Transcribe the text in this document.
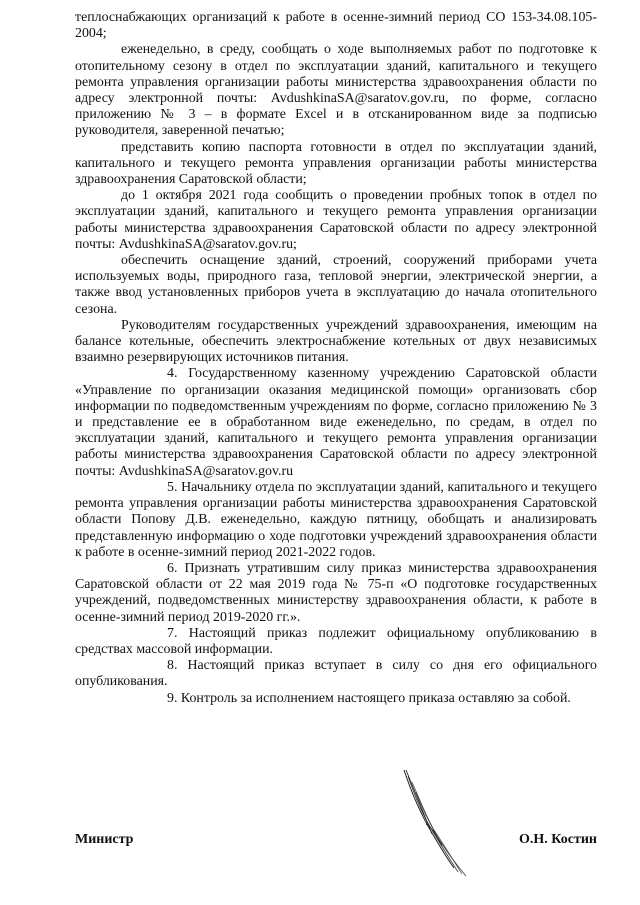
теплоснабжающих организаций к работе в осенне-зимний период СО 153-34.08.105-2004;

еженедельно, в среду, сообщать о ходе выполняемых работ по подготовке к отопительному сезону в отдел по эксплуатации зданий, капитального и текущего ремонта управления организации работы министерства здравоохранения области по адресу электронной почты: AvdushkinaSA@saratov.gov.ru, по форме, согласно приложению № 3 – в формате Excel и в отсканированном виде за подписью руководителя, заверенной печатью;

представить копию паспорта готовности в отдел по эксплуатации зданий, капитального и текущего ремонта управления организации работы министерства здравоохранения Саратовской области;

до 1 октября 2021 года сообщить о проведении пробных топок в отдел по эксплуатации зданий, капитального и текущего ремонта управления организации работы министерства здравоохранения Саратовской области по адресу электронной почты: AvdushkinaSA@saratov.gov.ru;

обеспечить оснащение зданий, строений, сооружений приборами учета используемых воды, природного газа, тепловой энергии, электрической энергии, а также ввод установленных приборов учета в эксплуатацию до начала отопительного сезона.

Руководителям государственных учреждений здравоохранения, имеющим на балансе котельные, обеспечить электроснабжение котельных от двух независимых взаимно резервирующих источников питания.

4. Государственному казенному учреждению Саратовской области «Управление по организации оказания медицинской помощи» организовать сбор информации по подведомственным учреждениям по форме, согласно приложению № 3 и представление ее в обработанном виде еженедельно, по средам, в отдел по эксплуатации зданий, капитального и текущего ремонта управления организации работы министерства здравоохранения Саратовской области по адресу электронной почты: AvdushkinaSA@saratov.gov.ru

5. Начальнику отдела по эксплуатации зданий, капитального и текущего ремонта управления организации работы министерства здравоохранения Саратовской области Попову Д.В. еженедельно, каждую пятницу, обобщать и анализировать представленную информацию о ходе подготовки учреждений здравоохранения области к работе в осенне-зимний период 2021-2022 годов.

6. Признать утратившим силу приказ министерства здравоохранения Саратовской области от 22 мая 2019 года № 75-п «О подготовке государственных учреждений, подведомственных министерству здравоохранения области, к работе в осенне-зимний период 2019-2020 гг.».

7. Настоящий приказ подлежит официальному опубликованию в средствах массовой информации.

8. Настоящий приказ вступает в силу со дня его официального опубликования.

9. Контроль за исполнением настоящего приказа оставляю за собой.

Министр	О.Н. Костин
